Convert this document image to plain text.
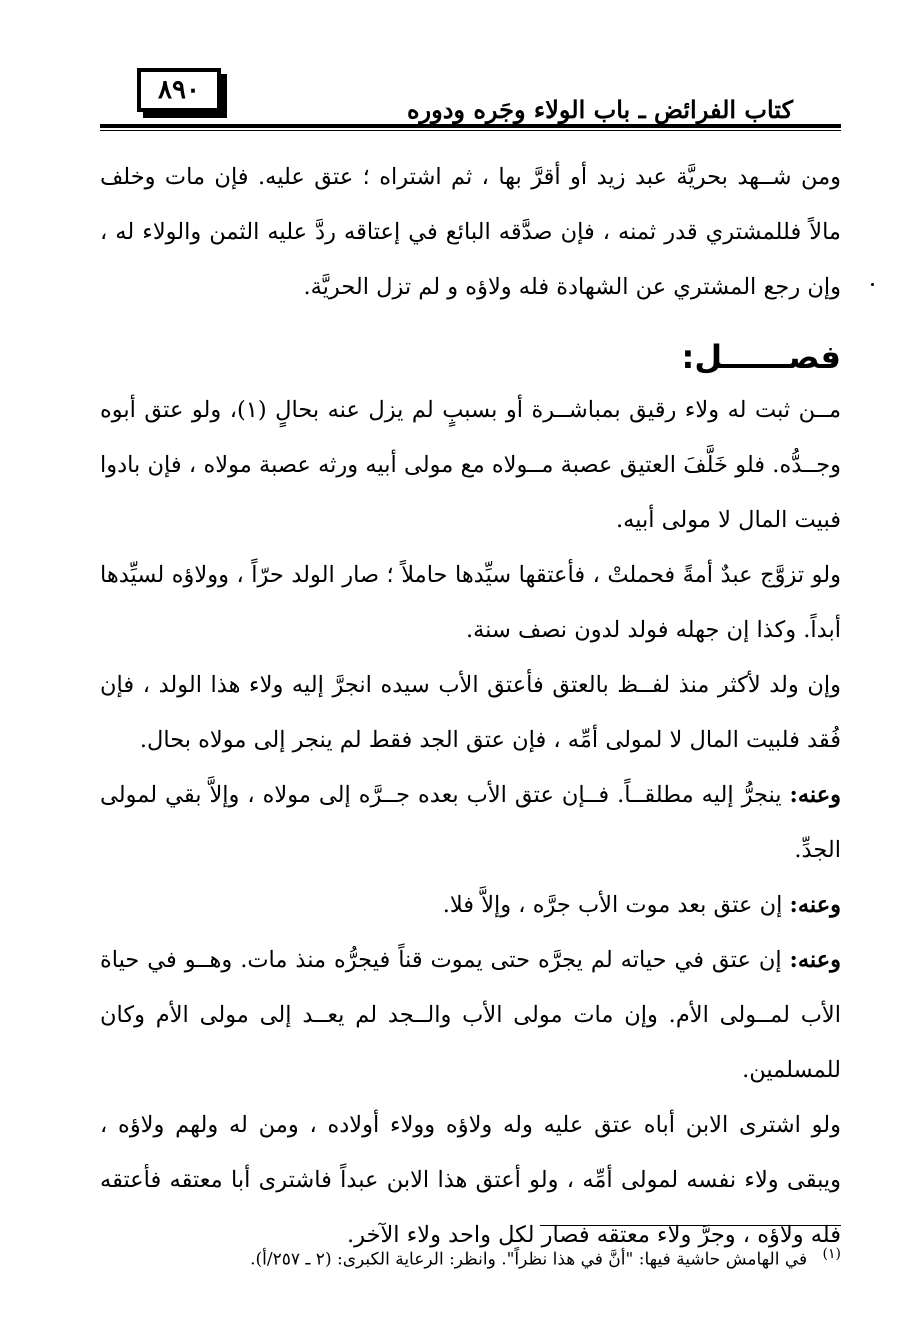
٨٩٠
كتاب الفرائض ـ باب الولاء وجَره ودوره

ومن شــهد بحريَّة عبد زيد أو أقرَّ بها ، ثم اشتراه ؛ عتق عليه. فإن مات وخلف مالاً فللمشتري قدر ثمنه ، فإن صدَّقه البائع في إعتاقه ردَّ عليه الثمن والولاء له ، وإن رجع المشتري عن الشهادة فله ولاؤه و لم تزل الحريَّة.

فصــــــل:

مــن ثبت له ولاء رقيق بمباشــرة أو بسببٍ لم يزل عنه بحالٍ (١)، ولو عتق أبوه وجــدُّه. فلو خَلَّفَ العتيق عصبة مــولاه مع مولى أبيه ورثه عصبة مولاه ، فإن بادوا فبيت المال لا مولى أبيه.

ولو تزوَّج عبدٌ أمةً فحملتْ ، فأعتقها سيِّدها حاملاً ؛ صار الولد حرّاً ، وولاؤه لسيِّدها أبداً. وكذا إن جهله فولد لدون نصف سنة.

وإن ولد لأكثر منذ لفــظ بالعتق فأعتق الأب سيده انجرَّ إليه ولاء هذا الولد ، فإن فُقد فلبيت المال لا لمولى أمِّه ، فإن عتق الجد فقط لم ينجر إلى مولاه بحال.

وعنه: ينجرُّ إليه مطلقــاً. فــإن عتق الأب بعده جــرَّه إلى مولاه ، وإلاَّ بقي لمولى الجدِّ.

وعنه: إن عتق بعد موت الأب جرَّه ، وإلاَّ فلا.

وعنه: إن عتق في حياته لم يجرَّه حتى يموت قناً فيجرُّه منذ مات. وهــو في حياة الأب لمــولى الأم. وإن مات مولى الأب والــجد لم يعــد إلى مولى الأم وكان للمسلمين.

ولو اشترى الابن أباه عتق عليه وله ولاؤه وولاء أولاده ، ومن له ولهم ولاؤه ، ويبقى ولاء نفسه لمولى أمِّه ، ولو أعتق هذا الابن عبداً فاشترى أبا معتقه فأعتقه فله ولاؤه ، وجرَّ ولاء معتقه فصار لكل واحد ولاء الآخر.

$^{(١)}$ في الهامش حاشية فيها: "أنَّ في هذا نظراً". وانظر: الرعاية الكبرى: (٢ ـ ٢٥٧/أ).
